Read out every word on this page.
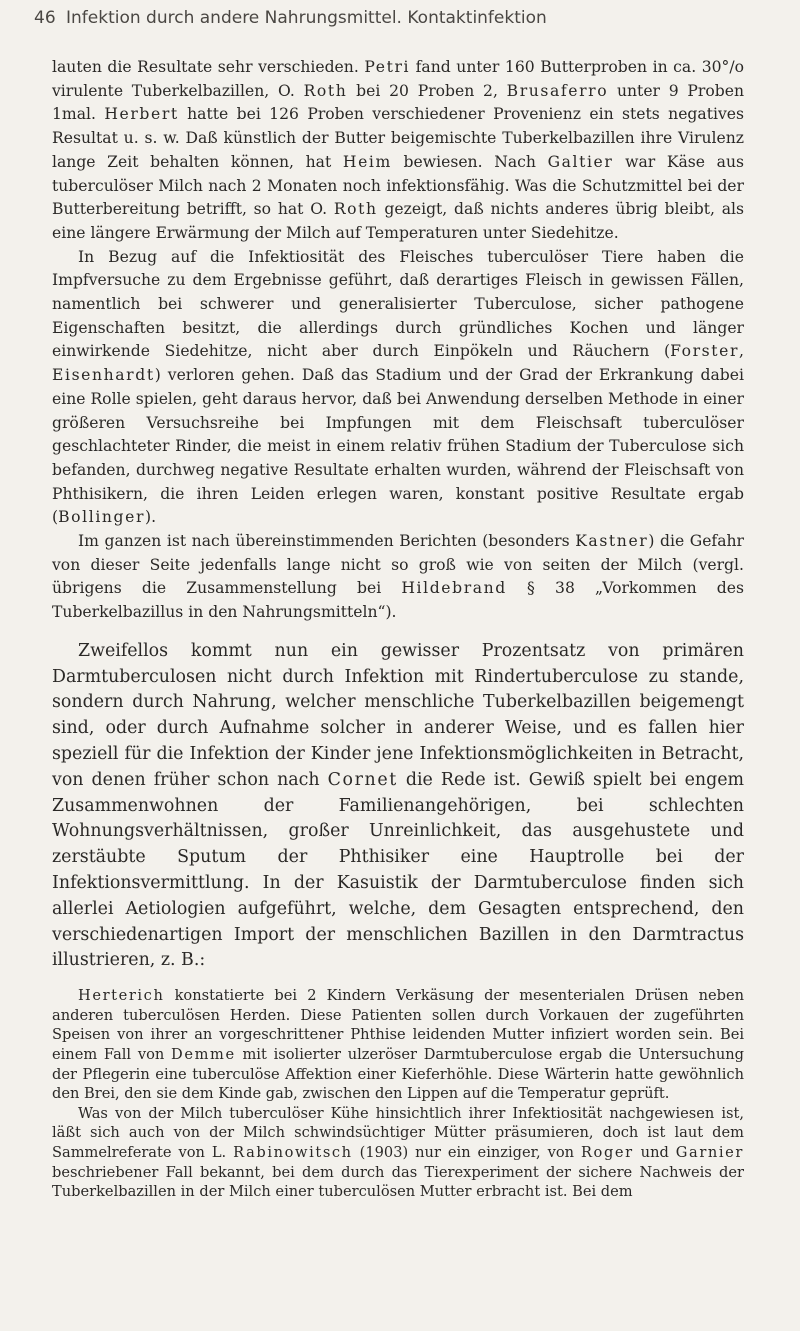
46 Infektion durch andere Nahrungsmittel. Kontaktinfektion

lauten die Resultate sehr verschieden. Petri fand unter 160 Butterproben in ca. 30°/o virulente Tuberkelbazillen, O. Roth bei 20 Proben 2, Brusaferro unter 9 Proben 1mal. Herbert hatte bei 126 Proben verschiedener Provenienz ein stets negatives Resultat u. s. w. Daß künstlich der Butter beigemischte Tuberkelbazillen ihre Virulenz lange Zeit behalten können, hat Heim bewiesen. Nach Galtier war Käse aus tuberculöser Milch nach 2 Monaten noch infektionsfähig. Was die Schutzmittel bei der Butterbereitung betrifft, so hat O. Roth gezeigt, daß nichts anderes übrig bleibt, als eine längere Erwärmung der Milch auf Temperaturen unter Siedehitze.

In Bezug auf die Infektiosität des Fleisches tuberculöser Tiere haben die Impfversuche zu dem Ergebnisse geführt, daß derartiges Fleisch in gewissen Fällen, namentlich bei schwerer und generalisierter Tuberculose, sicher pathogene Eigenschaften besitzt, die allerdings durch gründliches Kochen und länger einwirkende Siedehitze, nicht aber durch Einpökeln und Räuchern (Forster, Eisenhardt) verloren gehen. Daß das Stadium und der Grad der Erkrankung dabei eine Rolle spielen, geht daraus hervor, daß bei Anwendung derselben Methode in einer größeren Versuchsreihe bei Impfungen mit dem Fleischsaft tuberculöser geschlachteter Rinder, die meist in einem relativ frühen Stadium der Tuberculose sich befanden, durchweg negative Resultate erhalten wurden, während der Fleischsaft von Phthisikern, die ihren Leiden erlegen waren, konstant positive Resultate ergab (Bollinger).

Im ganzen ist nach übereinstimmenden Berichten (besonders Kastner) die Gefahr von dieser Seite jedenfalls lange nicht so groß wie von seiten der Milch (vergl. übrigens die Zusammenstellung bei Hildebrand § 38 „Vorkommen des Tuberkelbazillus in den Nahrungsmitteln“).

Zweifellos kommt nun ein gewisser Prozentsatz von primären Darmtuberculosen nicht durch Infektion mit Rindertuberculose zu stande, sondern durch Nahrung, welcher menschliche Tuberkelbazillen beigemengt sind, oder durch Aufnahme solcher in anderer Weise, und es fallen hier speziell für die Infektion der Kinder jene Infektionsmöglichkeiten in Betracht, von denen früher schon nach Cornet die Rede ist. Gewiß spielt bei engem Zusammenwohnen der Familienangehörigen, bei schlechten Wohnungsverhältnissen, großer Unreinlichkeit, das ausgehustete und zerstäubte Sputum der Phthisiker eine Hauptrolle bei der Infektionsvermittlung. In der Kasuistik der Darmtuberculose finden sich allerlei Aetiologien aufgeführt, welche, dem Gesagten entsprechend, den verschiedenartigen Import der menschlichen Bazillen in den Darmtractus illustrieren, z. B.:

Herterich konstatierte bei 2 Kindern Verkäsung der mesenterialen Drüsen neben anderen tuberculösen Herden. Diese Patienten sollen durch Vorkauen der zugeführten Speisen von ihrer an vorgeschrittener Phthise leidenden Mutter infiziert worden sein. Bei einem Fall von Demme mit isolierter ulzeröser Darmtuberculose ergab die Untersuchung der Pflegerin eine tuberculöse Affektion einer Kieferhöhle. Diese Wärterin hatte gewöhnlich den Brei, den sie dem Kinde gab, zwischen den Lippen auf die Temperatur geprüft.

Was von der Milch tuberculöser Kühe hinsichtlich ihrer Infektiosität nachgewiesen ist, läßt sich auch von der Milch schwindsüchtiger Mütter präsumieren, doch ist laut dem Sammelreferate von L. Rabinowitsch (1903) nur ein einziger, von Roger und Garnier beschriebener Fall bekannt, bei dem durch das Tierexperiment der sichere Nachweis der Tuberkelbazillen in der Milch einer tuberculösen Mutter erbracht ist. Bei dem
